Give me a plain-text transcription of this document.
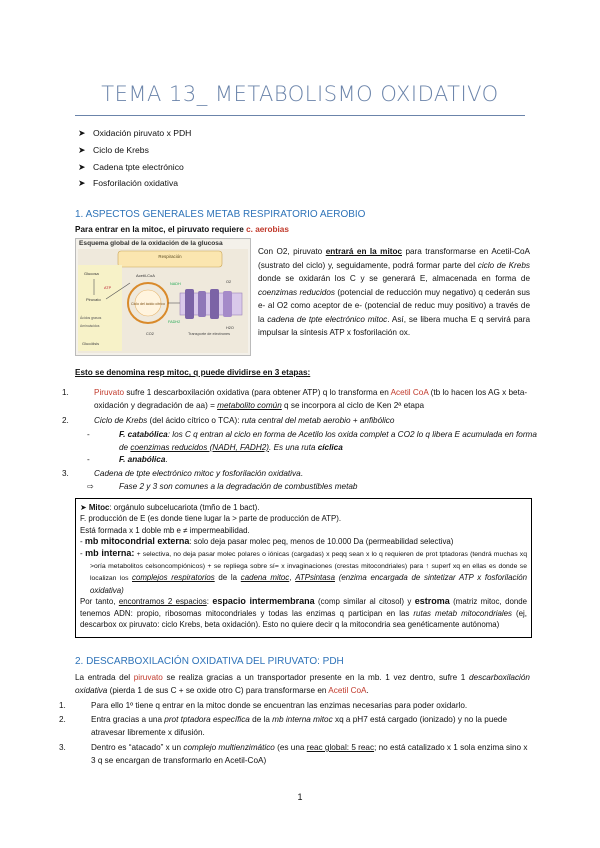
TEMA 13_ METABOLISMO OXIDATIVO
➤ Oxidación piruvato x PDH
➤ Ciclo de Krebs
➤ Cadena tpte electrónico
➤ Fosforilación oxidativa
1. ASPECTOS GENERALES METAB RESPIRATORIO AEROBIO
Para entrar en la mitoc, el piruvato requiere c. aerobias
Esquema global de la oxidación de la glucosa
Respiración
Glucólisis
Ciclo del ácido cítrico
Acetil-CoA
Transporte de electrones
Glucosa
Piruvato
ATP
NADH
FADH2
O2
H2O
CO2
Ácidos grasos
Aminoácidos
Con O2, piruvato entrará en la mitoc para transformarse en Acetil-CoA (sustrato del ciclo) y, seguidamente, podrá formar parte del ciclo de Krebs donde se oxidarán los C y se generará E, almacenada en forma de coenzimas reducidos (potencial de reducción muy negativo) q cederán sus e- al O2 como aceptor de e- (potencial de reduc muy positivo) a través de la cadena de tpte electrónico mitoc. Así, se libera mucha E q servirá para impulsar la síntesis ATP x fosforilación ox.
Esto se denomina resp mitoc, q puede dividirse en 3 etapas:
1.	Piruvato sufre 1 descarboxilación oxidativa (para obtener ATP) q lo transforma en Acetil CoA (tb lo hacen los AG x beta-oxidación y degradación de aa) = metabolito común q se incorpora al ciclo de Ken 2ª etapa
2.	Ciclo de Krebs (del ácido cítrico o TCA): ruta central del metab aerobio + anfibólico
-	F. catabólica: los C q entran al ciclo en forma de Acetilo los oxida complet a CO2 lo q libera E acumulada en forma de coenzimas reducidos (NADH, FADH2). Es una ruta cíclica
-	F. anabólica.
3.	Cadena de tpte electrónico mitoc y fosforilación oxidativa.
⇨	Fase 2 y 3 son comunes a la degradación de combustibles metab
➤ Mitoc: orgánulo subcelucariota (tmño de 1 bact).
F. producción de E (es donde tiene lugar la > parte de producción de ATP).
Está formada x 1 doble mb e ≠ impermeabilidad.
- mb mitocondrial externa: solo deja pasar molec peq, menos de 10.000 Da (permeabilidad selectiva)
- mb interna: + selectiva, no deja pasar molec polares o iónicas (cargadas) x peqq sean x lo q requieren de prot tptadoras (tendrá muchas xq >oría metabolitos celsoncompiónicos) + se repliega sobre sí= x invaginaciones (crestas mitocondriales) para ↑ superf xq en ellas es donde se localizan los complejos respiratorios de la cadena mitoc, ATPsintasa (enzima encargada de sintetizar ATP x fosforilación oxidativa)
Por tanto, encontramos 2 espacios: espacio intermembrana (comp similar al citosol) y estroma (matriz mitoc, donde tenemos ADN: propio, ribosomas mitocondriales y todas las enzimas q participan en las rutas metab mitocondriales (ej, descarbox ox piruvato: ciclo Krebs, beta oxidación). Esto no quiere decir q la mitocondria sea genéticamente autónoma)
2. DESCARBOXILACIÓN OXIDATIVA DEL PIRUVATO: PDH
La entrada del piruvato se realiza gracias a un transportador presente en la mb. 1 vez dentro, sufre 1 descarboxilación oxidativa (pierda 1 de sus C + se oxide otro C) para transformarse en Acetil CoA.
1.	Para ello 1º tiene q entrar en la mitoc donde se encuentran las enzimas necesarias para poder oxidarlo.
2.	Entra gracias a una prot tptadora específica de la mb interna mitoc xq a pH7 está cargado (ionizado) y no la puede atravesar libremente x difusión.
3.	Dentro es “atacado” x un complejo multienzimático (es una reac global: 5 reac; no está catalizado x 1 sola enzima sino x 3 q se encargan de transformarlo en Acetil-CoA)
1
